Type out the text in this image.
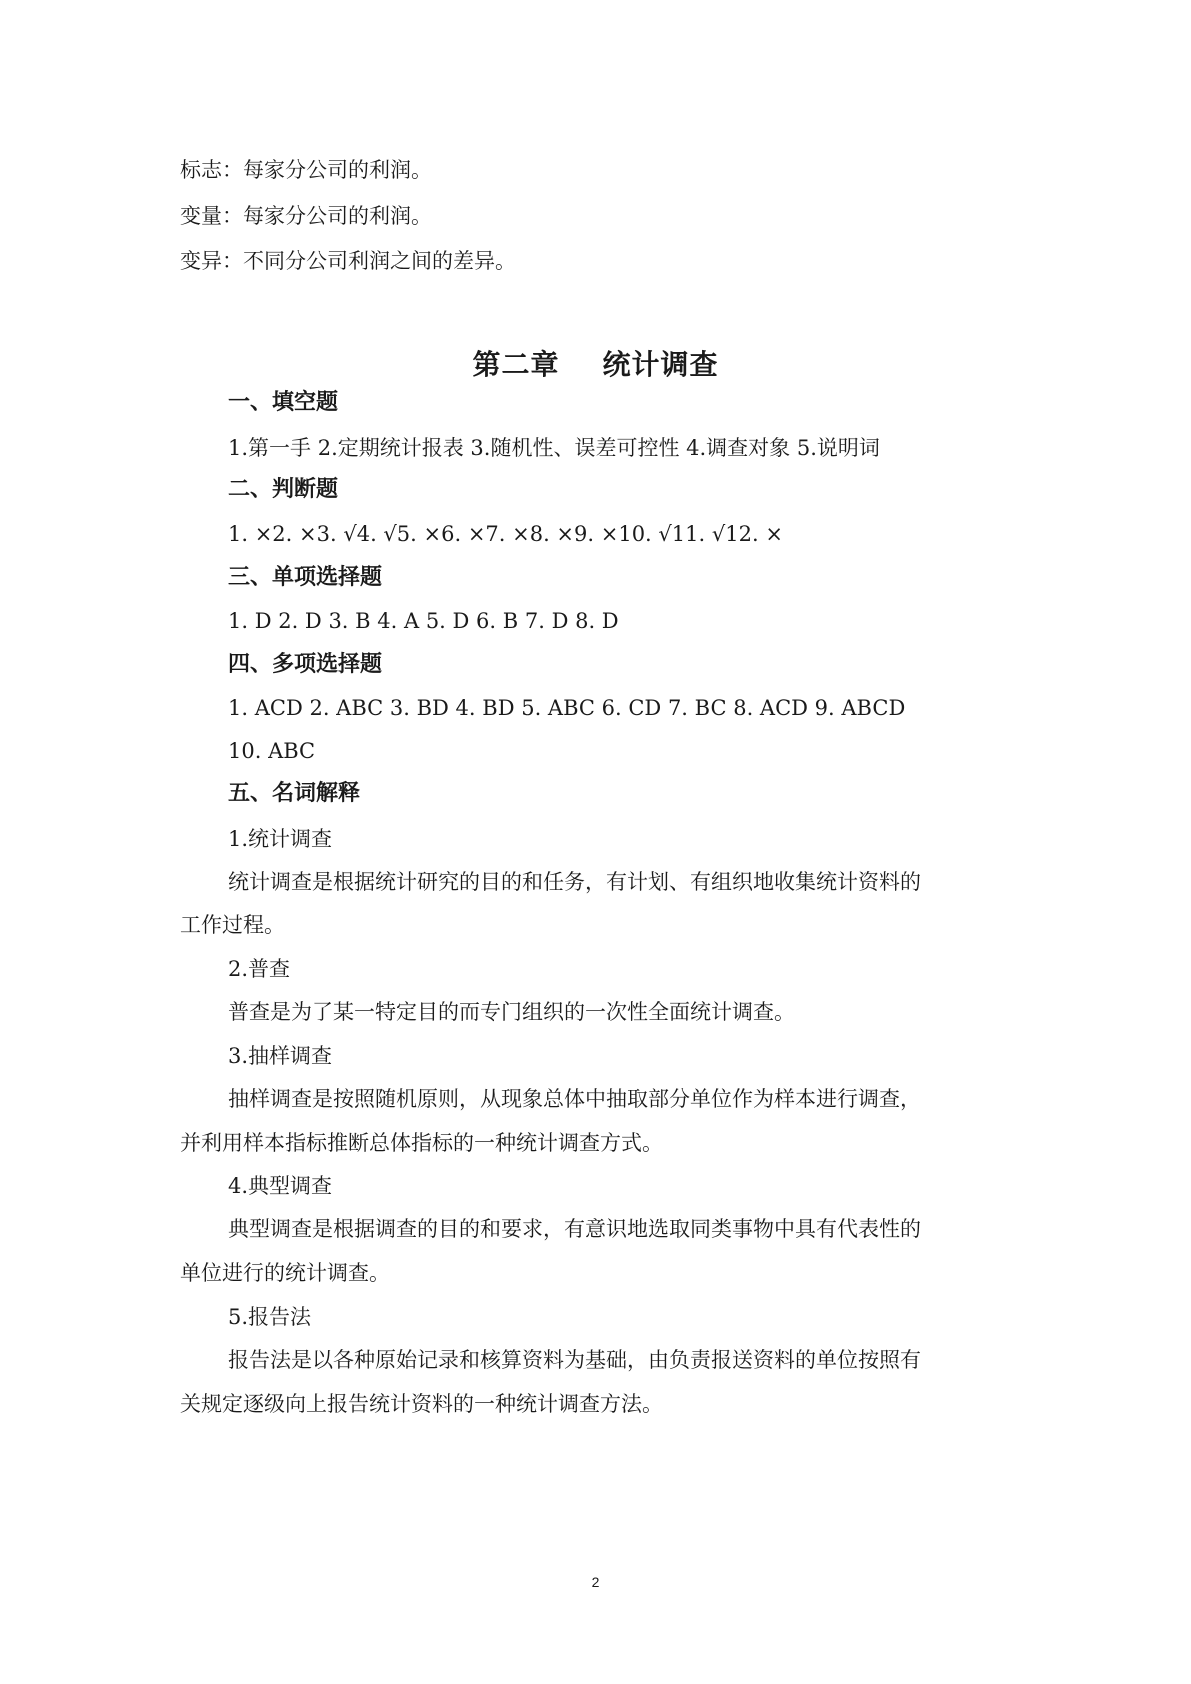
标志：每家分公司的利润。
变量：每家分公司的利润。
变异：不同分公司利润之间的差异。
第二章    统计调查
一、填空题
1.第一手 2.定期统计报表 3.随机性、误差可控性 4.调查对象 5.说明词
二、判断题
1. ×2. ×3. √4. √5. ×6. ×7. ×8. ×9. ×10. √11. √12. ×
三、单项选择题
1. D 2. D 3. B 4. A 5. D 6. B 7. D 8. D
四、多项选择题
1. ACD 2. ABC 3. BD 4. BD 5. ABC 6. CD 7. BC 8. ACD 9. ABCD
10. ABC
五、名词解释
1.统计调查
统计调查是根据统计研究的目的和任务，有计划、有组织地收集统计资料的
工作过程。
2.普查
普查是为了某一特定目的而专门组织的一次性全面统计调查。
3.抽样调查
抽样调查是按照随机原则，从现象总体中抽取部分单位作为样本进行调查，
并利用样本指标推断总体指标的一种统计调查方式。
4.典型调查
典型调查是根据调查的目的和要求，有意识地选取同类事物中具有代表性的
单位进行的统计调查。
5.报告法
报告法是以各种原始记录和核算资料为基础，由负责报送资料的单位按照有
关规定逐级向上报告统计资料的一种统计调查方法。
2
